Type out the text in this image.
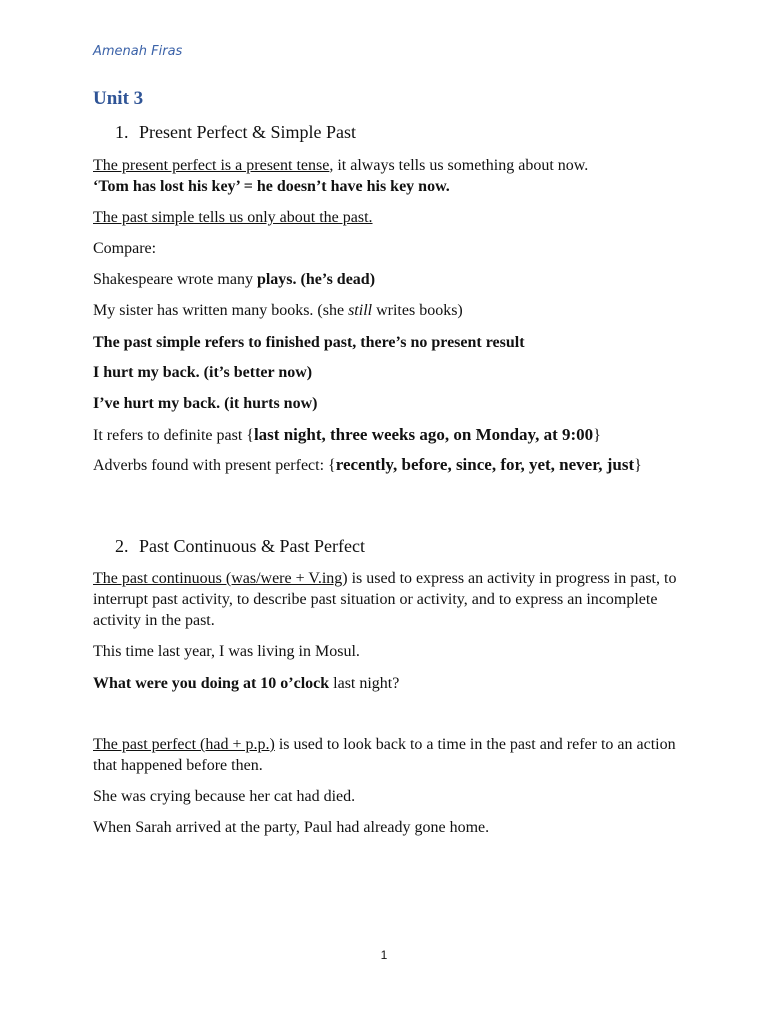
Amenah Firas
Unit 3
1. Present Perfect & Simple Past

The present perfect is a present tense, it always tells us something about now.
‘Tom has lost his key’ = he doesn’t have his key now.

The past simple tells us only about the past.

Compare:

Shakespeare wrote many plays. (he’s dead)

My sister has written many books. (she still writes books)

The past simple refers to finished past, there’s no present result

I hurt my back. (it’s better now)

I’ve hurt my back. (it hurts now)

It refers to definite past {last night, three weeks ago, on Monday, at 9:00}

Adverbs found with present perfect: {recently, before, since, for, yet, never, just}

2. Past Continuous & Past Perfect

The past continuous (was/were + V.ing) is used to express an activity in progress in past, to interrupt past activity, to describe past situation or activity, and to express an incomplete activity in the past.

This time last year, I was living in Mosul.

What were you doing at 10 o’clock last night?

The past perfect (had + p.p.) is used to look back to a time in the past and refer to an action that happened before then.

She was crying because her cat had died.

When Sarah arrived at the party, Paul had already gone home.

1
